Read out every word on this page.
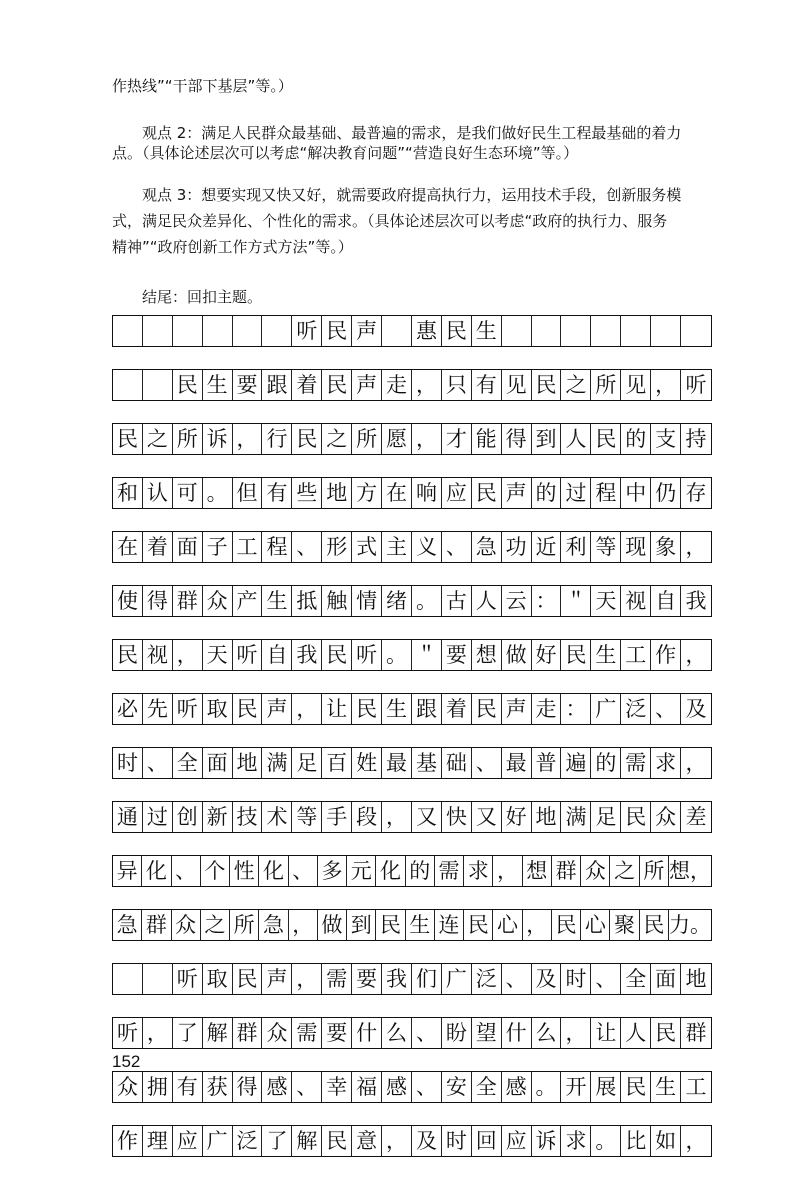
作热线”“干部下基层”等。）
观点 2：满足人民群众最基础、最普遍的需求，是我们做好民生工程最基础的着力
点。（具体论述层次可以考虑“解决教育问题”“营造良好生态环境”等。）
观点 3：想要实现又快又好，就需要政府提高执行力，运用技术手段，创新服务模
式，满足民众差异化、个性化的需求。（具体论述层次可以考虑“政府的执行力、服务
精神”“政府创新工作方式方法”等。）
结尾：回扣主题。
听 民 声 惠 民 生
民 生 要 跟 着 民 声 走 ， 只 有 见 民 之 所 见 ， 听
民 之 所 诉 ， 行 民 之 所 愿 ， 才 能 得 到 人 民 的 支 持
和 认 可 。 但 有 些 地 方 在 响 应 民 声 的 过 程 中 仍 存
在 着 面 子 工 程 、 形 式 主 义 、 急 功 近 利 等 现 象 ，
使 得 群 众 产 生 抵 触 情 绪 。 古 人 云 ： ＂ 天 视 自 我
民 视 ， 天 听 自 我 民 听 。 ＂ 要 想 做 好 民 生 工 作 ，
必 先 听 取 民 声 ， 让 民 生 跟 着 民 声 走 ： 广 泛 、 及
时 、 全 面 地 满 足 百 姓 最 基 础 、 最 普 遍 的 需 求 ，
通 过 创 新 技 术 等 手 段 ， 又 快 又 好 地 满 足 民 众 差
异 化 、 个 性 化 、 多 元 化 的 需 求 ， 想 群 众 之 所 想，
急 群 众 之 所 急 ， 做 到 民 生 连 民 心 ， 民 心 聚 民 力。
听 取 民 声 ， 需 要 我 们 广 泛 、 及 时 、 全 面 地
听 ， 了 解 群 众 需 要 什 么 、 盼 望 什 么 ， 让 人 民 群
众 拥 有 获 得 感 、 幸 福 感 、 安 全 感 。 开 展 民 生 工
作 理 应 广 泛 了 解 民 意 ， 及 时 回 应 诉 求 。 比 如 ，
152
